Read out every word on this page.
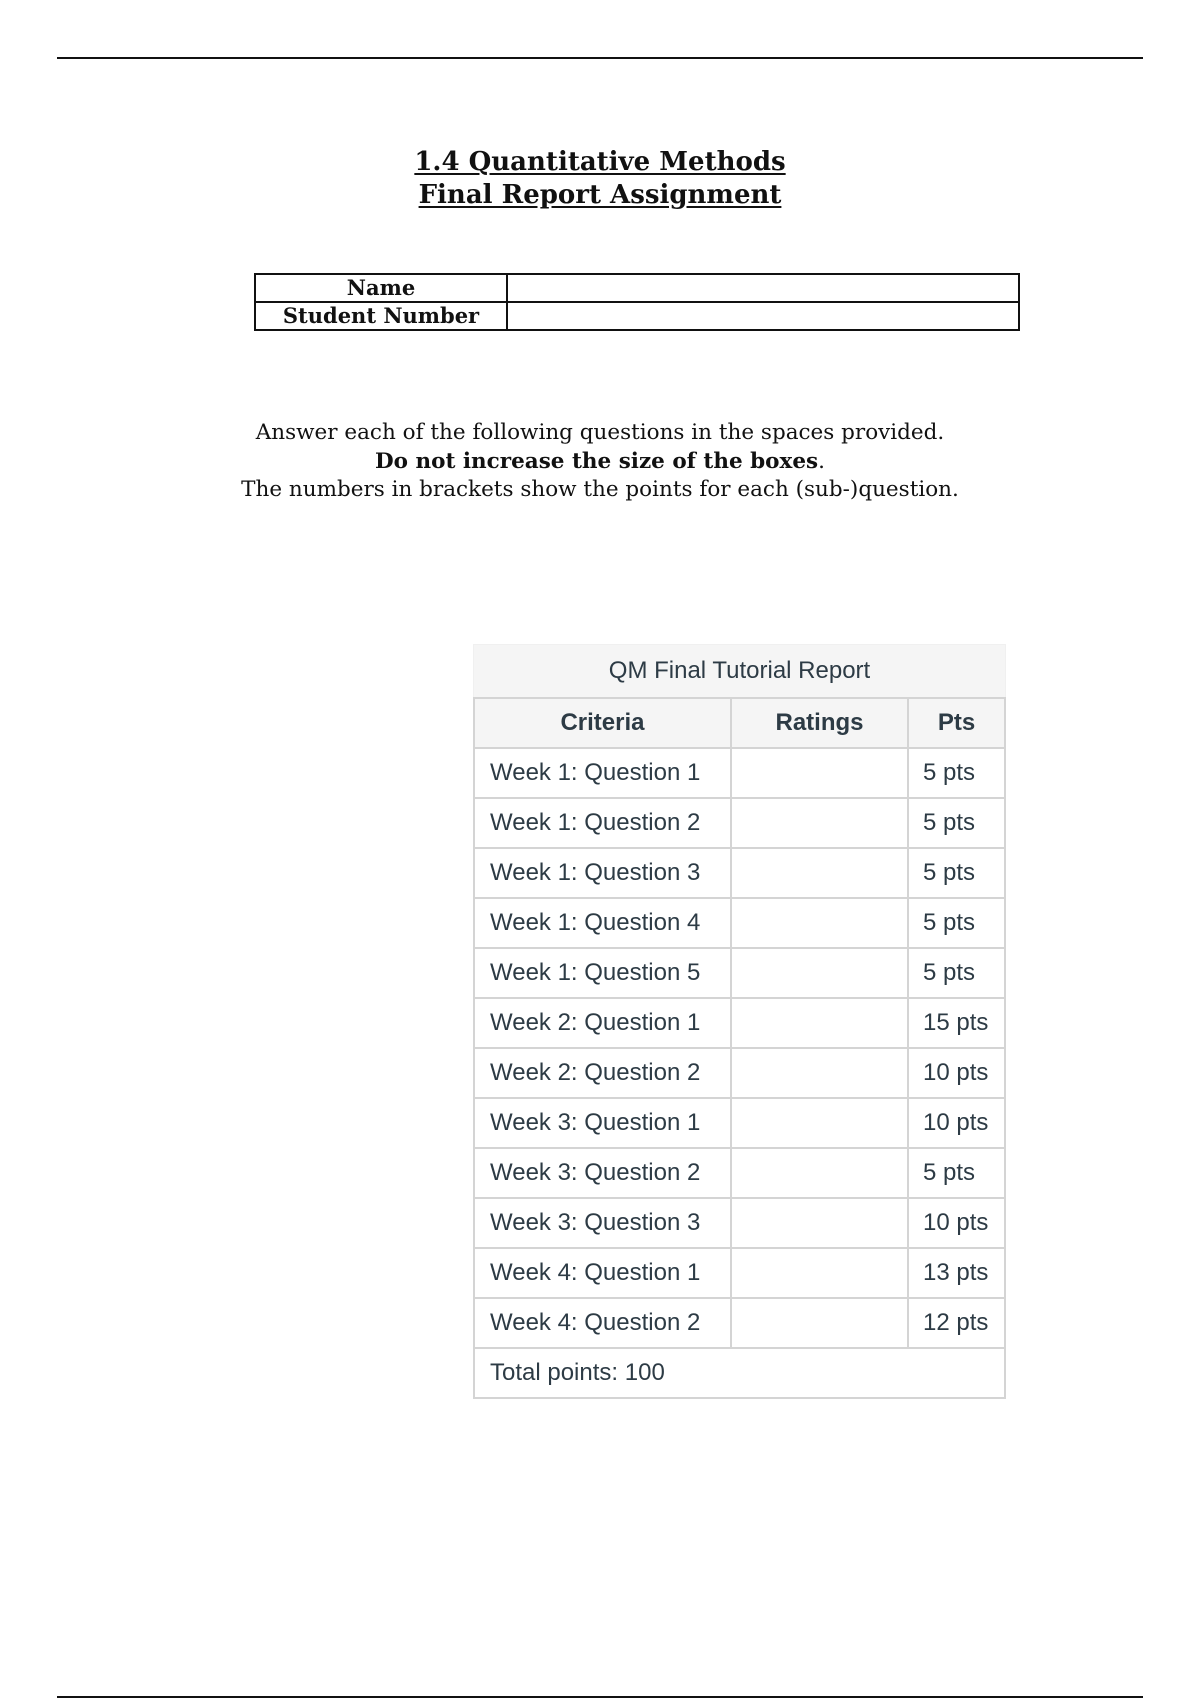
1.4 Quantitative Methods
Final Report Assignment
Name	
Student Number	
Answer each of the following questions in the spaces provided.
Do not increase the size of the boxes.
The numbers in brackets show the points for each (sub-)question.
QM Final Tutorial Report
Criteria	Ratings	Pts
Week 1: Question 1		5 pts
Week 1: Question 2		5 pts
Week 1: Question 3		5 pts
Week 1: Question 4		5 pts
Week 1: Question 5		5 pts
Week 2: Question 1		15 pts
Week 2: Question 2		10 pts
Week 3: Question 1		10 pts
Week 3: Question 2		5 pts
Week 3: Question 3		10 pts
Week 4: Question 1		13 pts
Week 4: Question 2		12 pts
Total points: 100		
